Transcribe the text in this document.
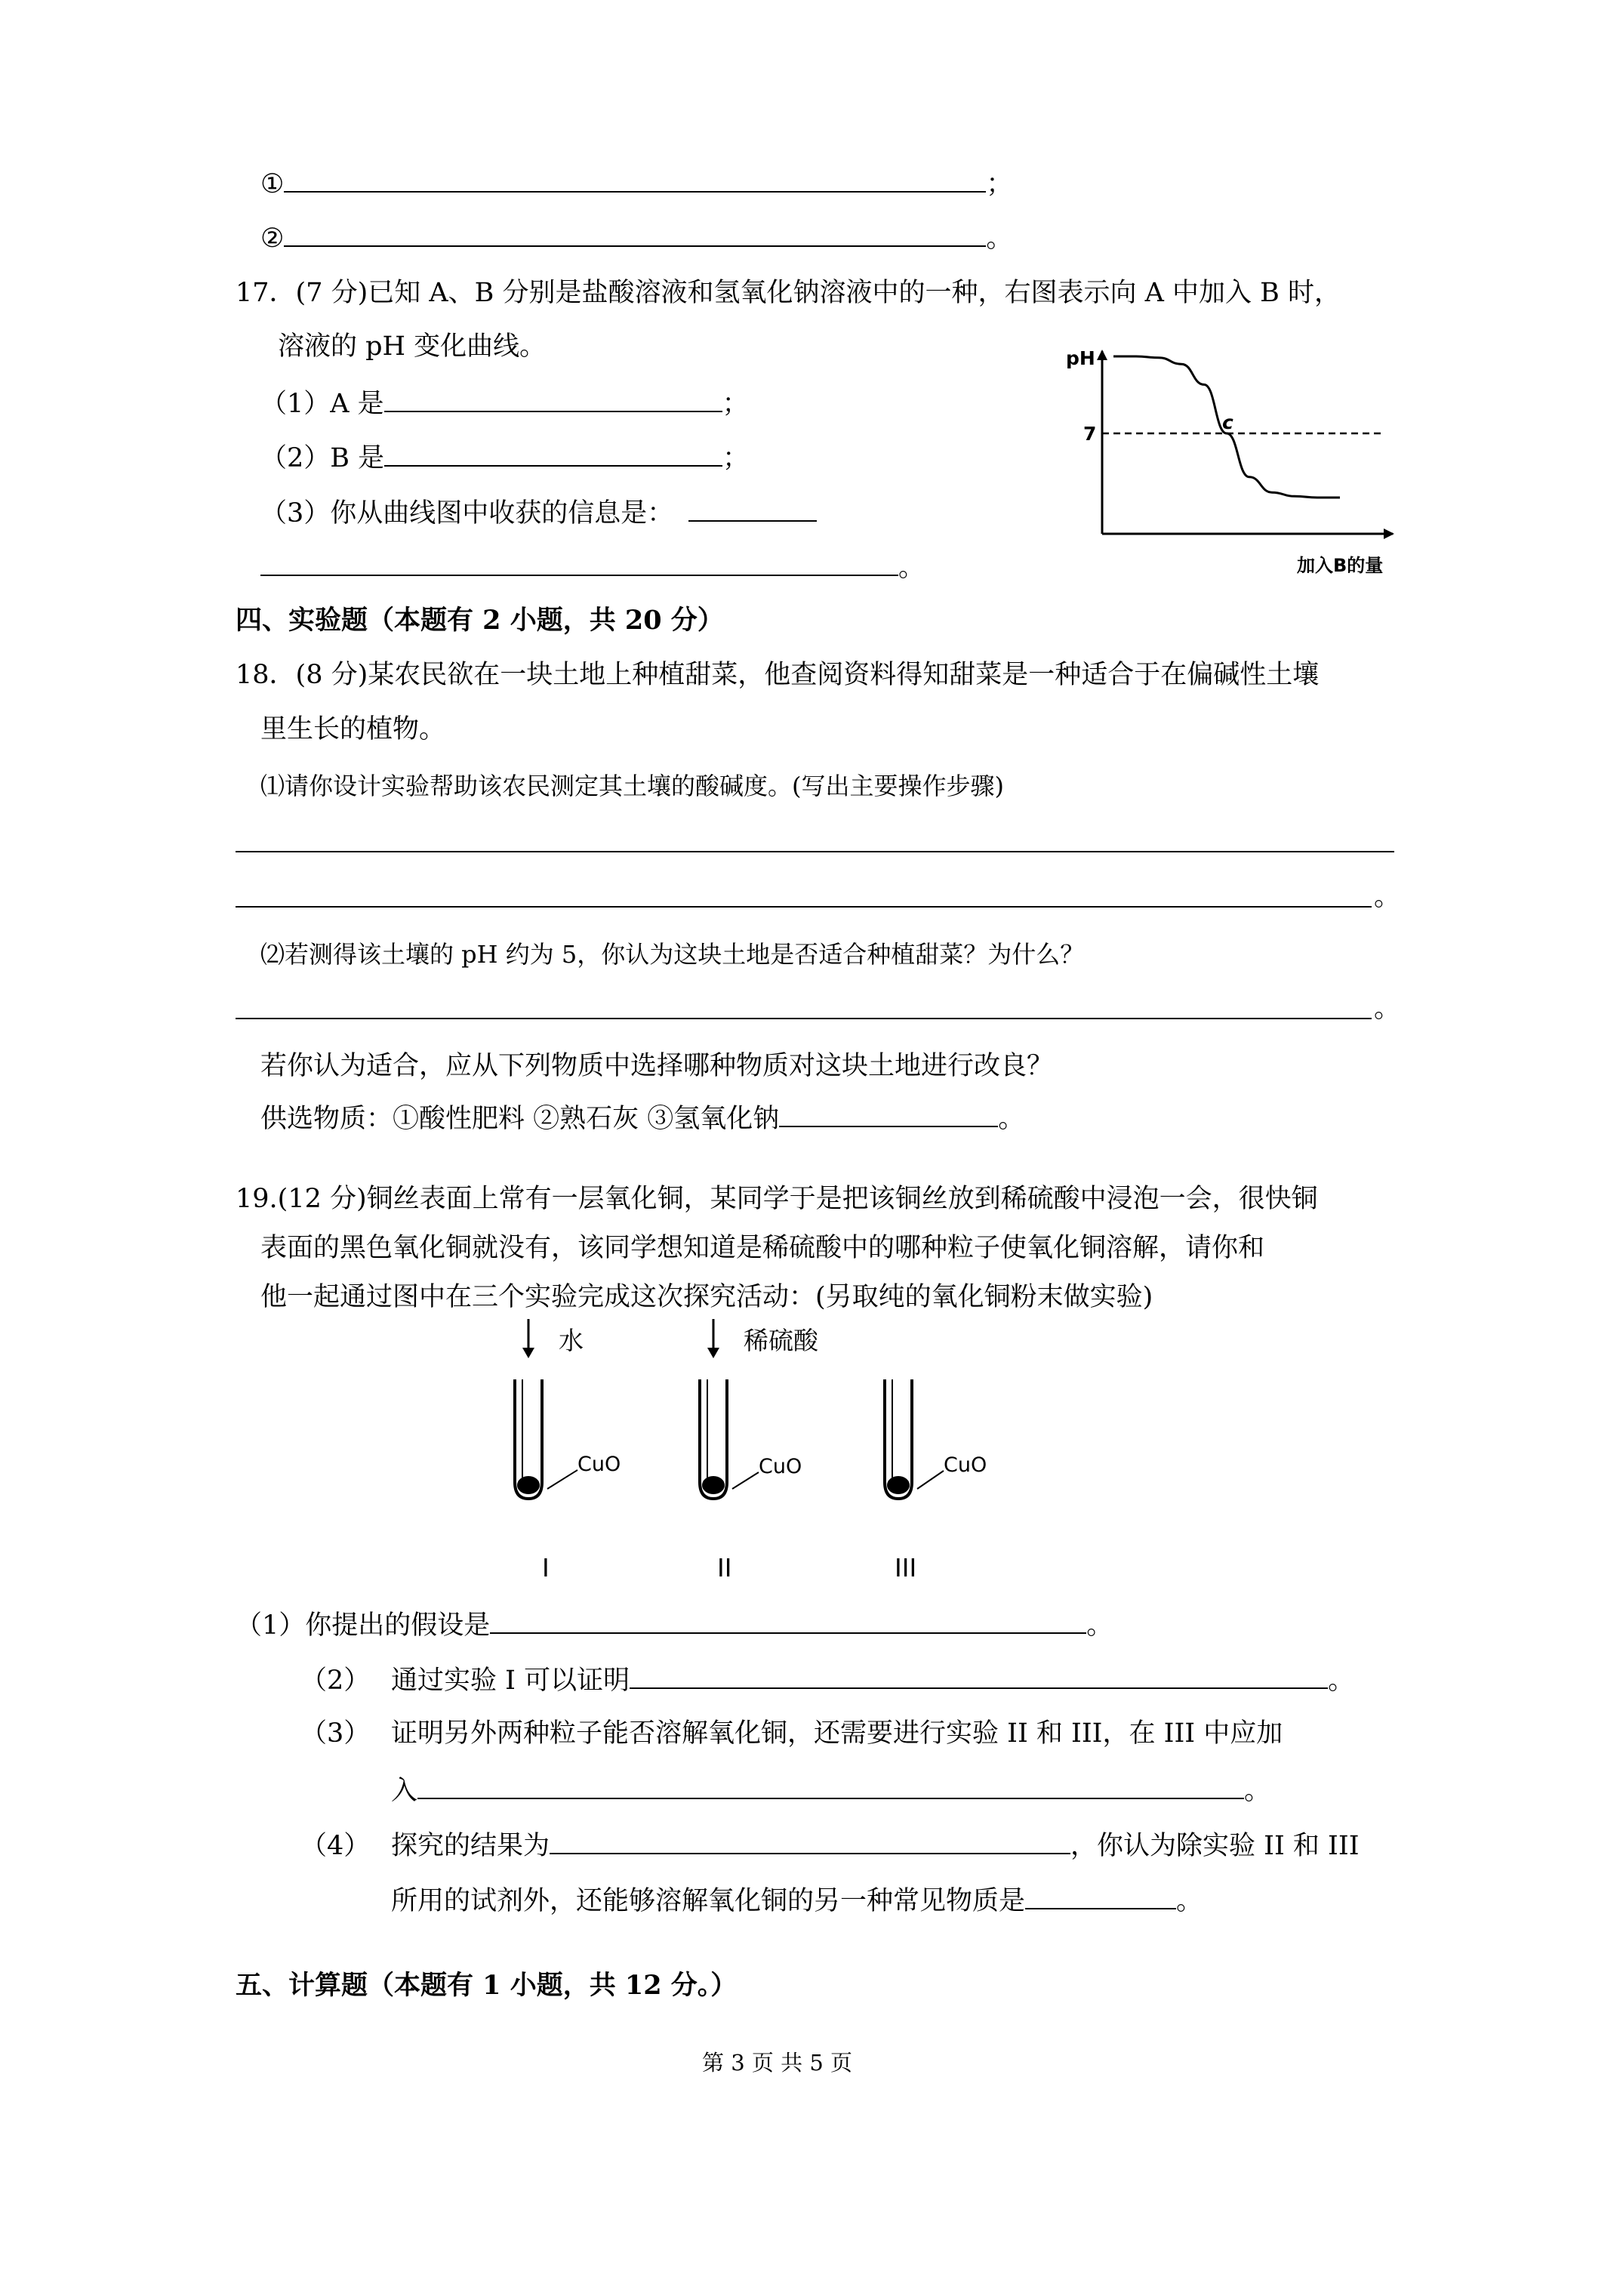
①	；
②	。
17．(7 分)已知 A、B 分别是盐酸溶液和氢氧化钠溶液中的一种，右图表示向 A 中加入 B 时，
溶液的 pH 变化曲线。
（1）A 是	；
（2）B 是	；
（3）你从曲线图中收获的信息是：
。
pH
7
c
加入B的量
四、实验题（本题有 2 小题，共 20 分）
18．(8 分)某农民欲在一块土地上种植甜菜，他查阅资料得知甜菜是一种适合于在偏碱性土壤
里生长的植物。
⑴请你设计实验帮助该农民测定其土壤的酸碱度。(写出主要操作步骤)
。
⑵若测得该土壤的 pH 约为 5，你认为这块土地是否适合种植甜菜？为什么？
。
若你认为适合，应从下列物质中选择哪种物质对这块土地进行改良？
供选物质：①酸性肥料 ②熟石灰 ③氢氧化钠	。
19.(12 分)铜丝表面上常有一层氧化铜，某同学于是把该铜丝放到稀硫酸中浸泡一会，很快铜
表面的黑色氧化铜就没有，该同学想知道是稀硫酸中的哪种粒子使氧化铜溶解，请你和
他一起通过图中在三个实验完成这次探究活动：(另取纯的氧化铜粉末做实验)
水	稀硫酸
CuO	CuO	CuO
I	II	III
（1）你提出的假设是	。
（2） 通过实验 I 可以证明	。
（3） 证明另外两种粒子能否溶解氧化铜，还需要进行实验 II 和 III，在 III 中应加
入	。
（4） 探究的结果为	，你认为除实验 II 和 III
所用的试剂外，还能够溶解氧化铜的另一种常见物质是	。
五、计算题（本题有 1 小题，共 12 分。）
第 3 页 共 5 页
